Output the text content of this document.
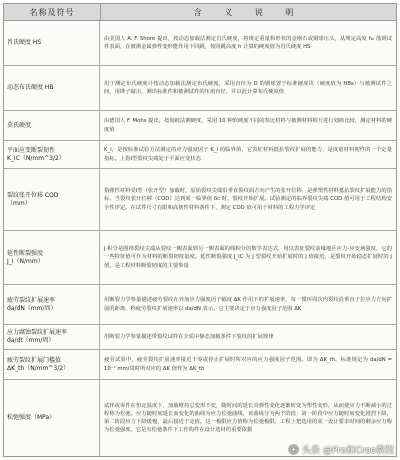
名称及符号	含 义 说 明
肖氏硬度 HS
由美国人 A. F. Shore 提出，按动态加载法测定肖氏硬度，将规定重量和形状的金刚石或钢球压头，从规定高度 h₀ 落到试件表面，在被测金属弹性变形能作用下回跳，按回跳高度 h 计算的硬度值为肖氏硬度 HS
动态布氏硬度 HB
用于测定布氏硬度计按动态加载法测定布氏硬度，采用直径为 D 的钢球置于标准硬度块（硬度值为 HBs）与被测试件之间，用锤子敲击，测出标准件和被测试件的压痕直径，并以此计算布氏硬度值
莫氏硬度
由德国人 F. Mohs 提出，按刻痕法测硬度，采用 10 种软硬度不同的参比材料与被测材料相互进行划痕比较，测定材料的硬度值
平面应变断裂韧性
K_IC（N/mm^3/2）
K_I，是按标准试验方法测定的应力强度因子 K_I 的临界值，它表征材料抵抗裂纹扩展的能力，是度量材料韧性的一个定量指标。上指Ⅰ型裂纹尖端处于平面应变状态
裂纹张开位移 COD
（mm）
指弹性材料受Ⅰ型（张开型）加载时，原始裂纹尖端沿垂直裂纹面方向产生的张开位移，是弹塑性材料抵抗裂纹扩展能力的指标。当裂纹张开位移（COD）达到某一临界值 δc 时，裂纹开始扩展。试验测定的临界裂纹尖端 COD 值可用于工程结构安全性评定。在试件尺寸有限和高韧性材料条件下，测定 COD 值可用于材料的工程力学评定
延性断裂强度
J_I（N/mm）
J 积分是围绕裂纹尖端从裂纹一侧表面到另一侧表面的线积分的数学表达式，用以表征裂纹前缘地区应力-应变场强度，它的一些特征值可作为材料的断裂韧度量度。延性断裂强度 J_IC 为 J 型裂纹开始扩展时的 J 值接近，是裂纹开始稳态扩展时的 J 值，是工程材料断裂韧度的主要参量
疲劳裂纹扩展速率
da/dN（mm/周）
用断裂力学参量描述疲劳裂纹在外加应力强度因子幅度 ΔK 作用下的扩展速率，每一循环周次内裂纹沿垂直于拉应力方向扩展的距离，称疲劳裂纹扩展速率以 da/dN 表示。它主要决定于应力强度因子范围 ΔK
应力腐蚀裂纹扩展速率
da/dt（mm/周）
用断裂力学参量描述带裂纹试样在介质中静态加载条件下裂纹的扩展规律
疲劳裂纹扩展门槛值
ΔK_th（N/mm^3/2）
疲劳试验中，疲劳裂纹扩展速率接近于零或停止扩展时所对应的应力强度因子范围。即为 ΔK_th，标准规定为 da/dN = 10⁻⁷ mm/周时所对应的 ΔK 值作为 ΔK_th
松弛强度（MPa）
试样或零件在恒定温度下，加载维持总变形不变，随时间的延长其弹性变化逐渐转变为塑性变形，从而使应力不断减小的过程称为松弛。应力随时间延长而变化的曲线为应力松弛曲线，该曲线分为两个阶段：第一阶段中应力随时间变化剧烈下降，第二阶段应力下降缓慢，最后接近于定值。这一极限应力值称为松弛极限；工程上把选用的某一设计要求时间的剩余应力称为松弛强度。它是有松弛条件下工作构件在设计选材的重要依据
✦ 头条 @Pro和Creo教程
